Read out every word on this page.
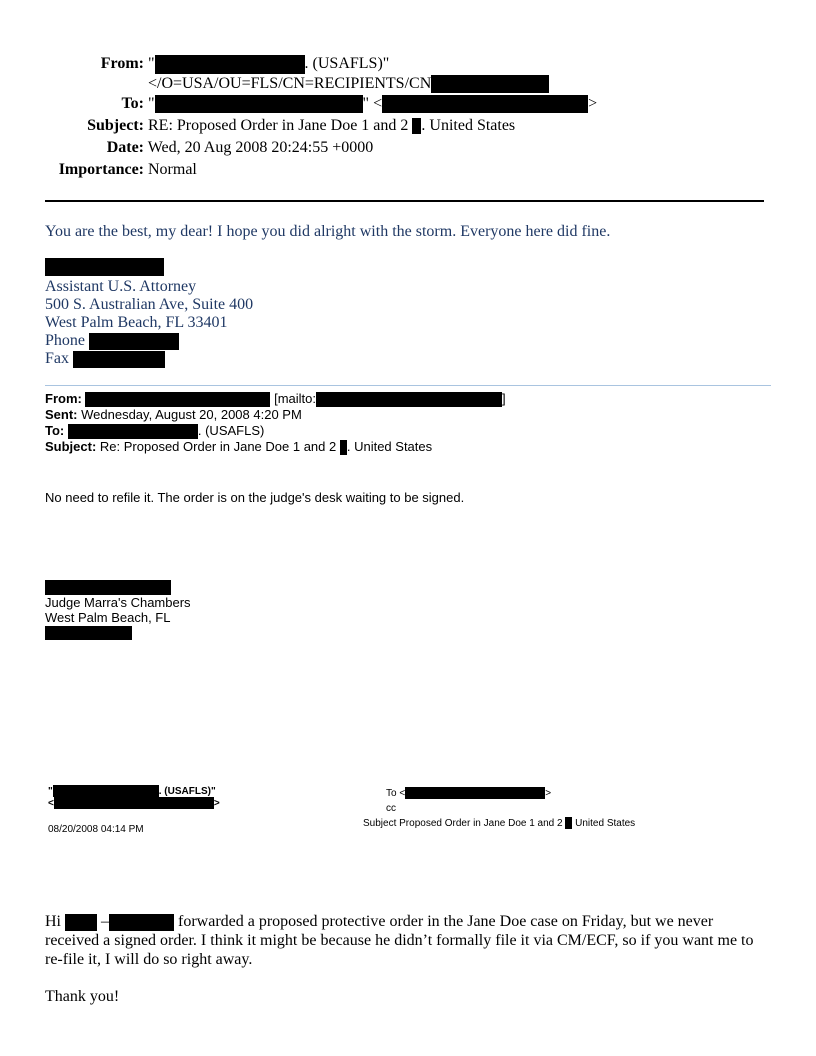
From: "	. (USAFLS)"
</O=USA/OU=FLS/CN=RECIPIENTS/CN
To: "	" <	>
Subject: RE: Proposed Order in Jane Doe 1 and 2 . United States
Date: Wed, 20 Aug 2008 20:24:55 +0000
Importance: Normal
You are the best, my dear! I hope you did alright with the storm. Everyone here did fine.
Assistant U.S. Attorney
500 S. Australian Ave, Suite 400
West Palm Beach, FL 33401
Phone
Fax
From:	[mailto:	]
Sent: Wednesday, August 20, 2008 4:20 PM
To:	. (USAFLS)
Subject: Re: Proposed Order in Jane Doe 1 and 2 . United States
No need to refile it. The order is on the judge's desk waiting to be signed.
Judge Marra's Chambers
West Palm Beach, FL
"	. (USAFLS)"
<	>
08/20/2008 04:14 PM
To <	>
cc
Subject Proposed Order in Jane Doe 1 and 2 United States
Hi	–	forwarded a proposed protective order in the Jane Doe case on Friday, but we never
received a signed order. I think it might be because he didn’t formally file it via CM/ECF, so if you want me to
re-file it, I will do so right away.
Thank you!
